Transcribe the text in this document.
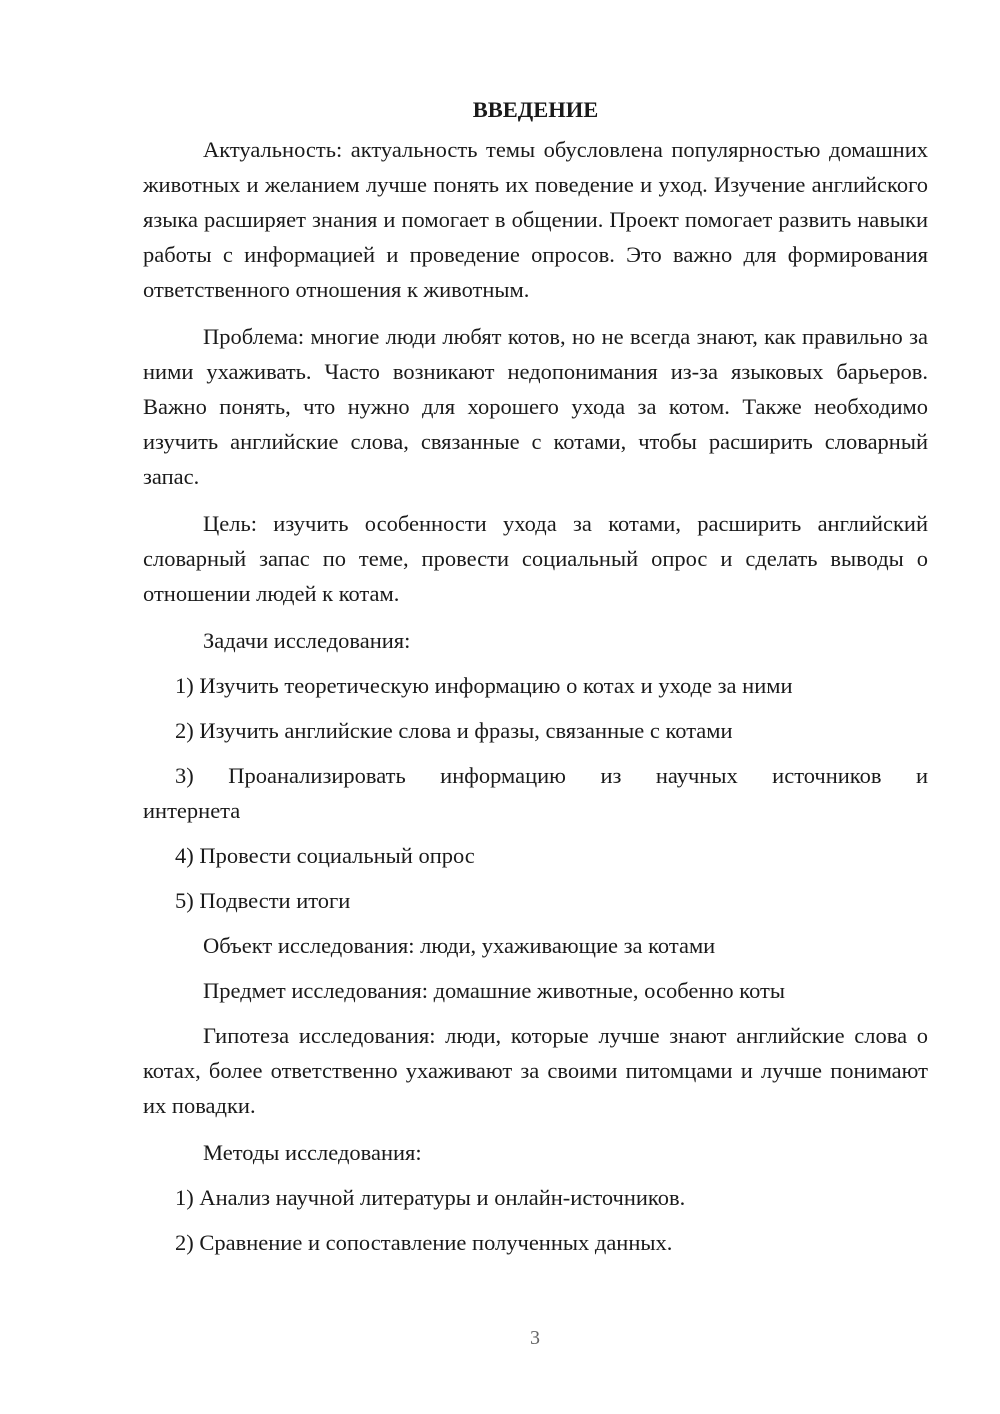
ВВЕДЕНИЕ

Актуальность: актуальность темы обусловлена популярностью домашних животных и желанием лучше понять их поведение и уход. Изучение английского языка расширяет знания и помогает в общении. Проект помогает развить навыки работы с информацией и проведение опросов. Это важно для формирования ответственного отношения к животным.

Проблема: многие люди любят котов, но не всегда знают, как правильно за ними ухаживать. Часто возникают недопонимания из-за языковых барьеров. Важно понять, что нужно для хорошего ухода за котом. Также необходимо изучить английские слова, связанные с котами, чтобы расширить словарный запас.

Цель: изучить особенности ухода за котами, расширить английский словарный запас по теме, провести социальный опрос и сделать выводы о отношении людей к котам.

Задачи исследования:
1) Изучить теоретическую информацию о котах и уходе за ними
2) Изучить английские слова и фразы, связанные с котами
3) Проанализировать информацию из научных источников и
интернета
4) Провести социальный опрос
5) Подвести итоги
Объект исследования: люди, ухаживающие за котами
Предмет исследования: домашние животные, особенно коты

Гипотеза исследования: люди, которые лучше знают английские слова о котах, более ответственно ухаживают за своими питомцами и лучше понимают их повадки.

Методы исследования:
1) Анализ научной литературы и онлайн-источников.
2) Сравнение и сопоставление полученных данных.
3
